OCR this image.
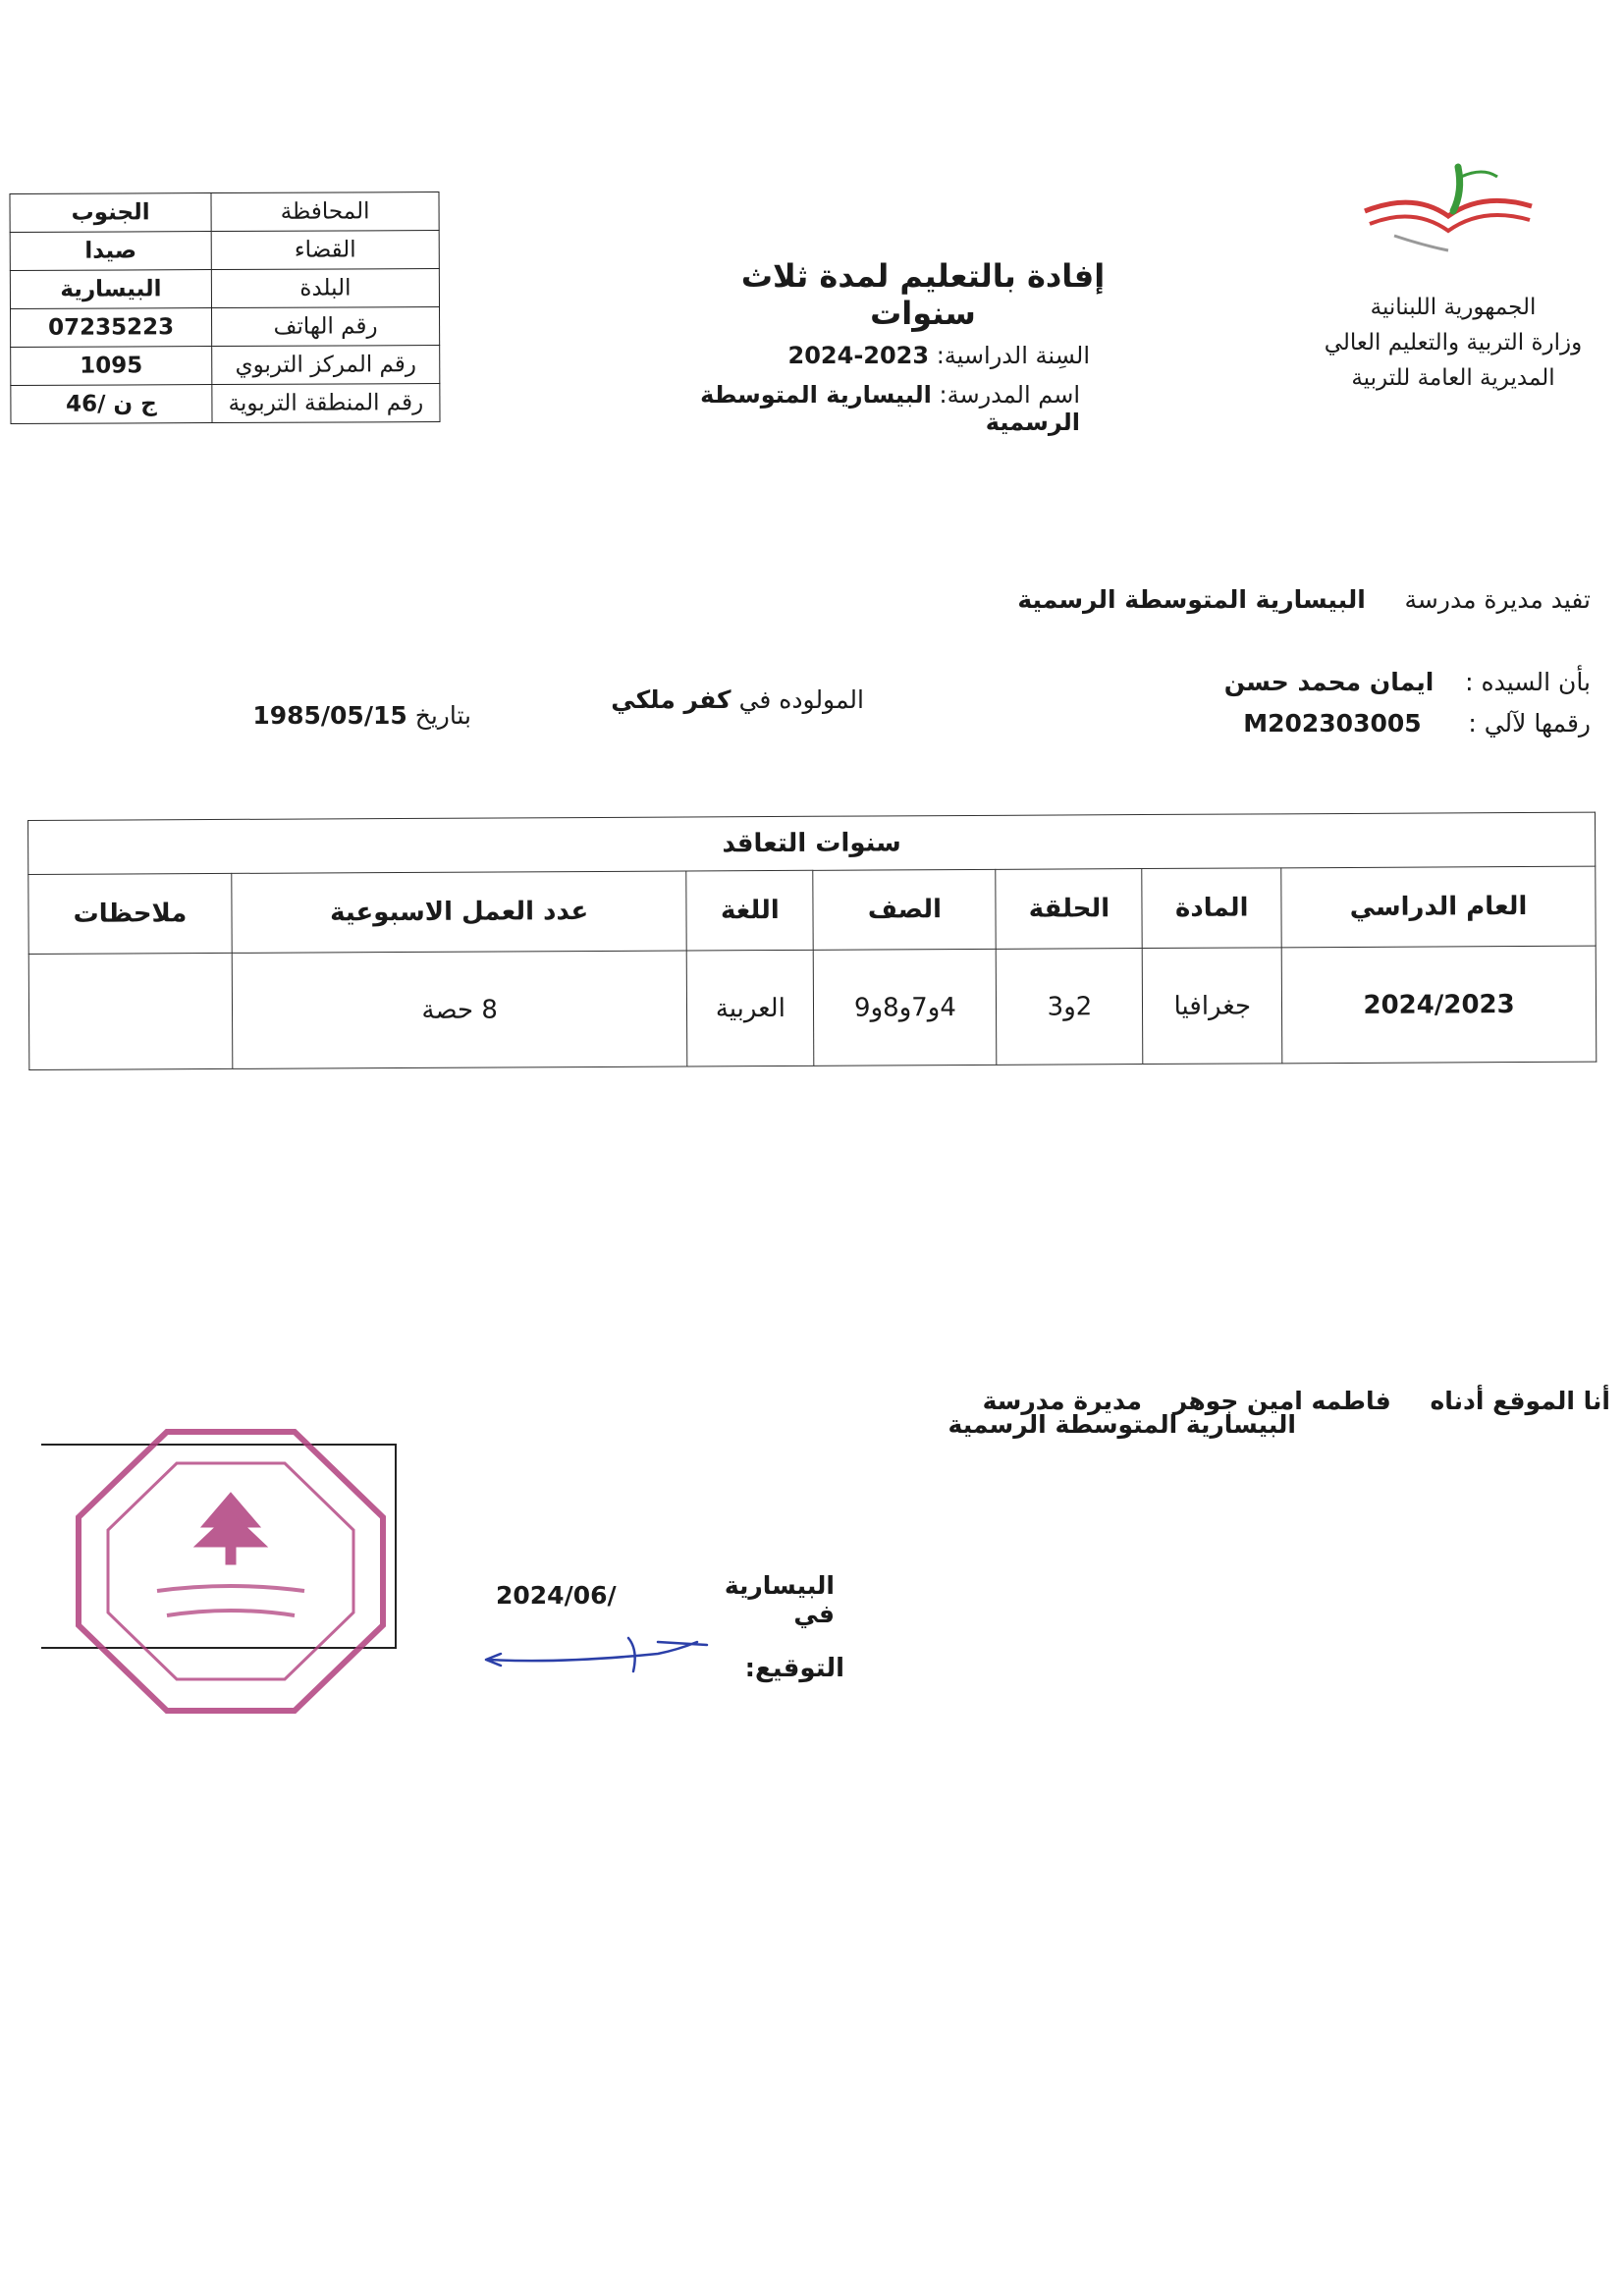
الجمهورية اللبنانية
وزارة التربية والتعليم العالي
المديرية العامة للتربية
إفادة بالتعليم لمدة ثلاث سنوات
السِنة الدراسية: 2023-2024
اسم المدرسة: البيسارية المتوسطة الرسمية
الجنوب	المحافظة
صيدا	القضاء
البيسارية	البلدة
07235223	رقم الهاتف
1095	رقم المركز التربوي
ج ن /46	رقم المنطقة التربوية
تفيد مديرة مدرسة     البيسارية المتوسطة الرسمية
بأن السيده :    ايمان محمد حسن
رقمها لآلي :      M202303005
المولوده في كفر ملكي
بتاريخ 1985/05/15
سنوات التعاقد						
العام الدراسي	المادة	الحلقة	الصف	اللغة	عدد العمل الاسبوعية	ملاحظات
2024/2023	جغرافيا	2و3	4و7و8و9	العربية	8 حصة	
أنا الموقع أدناه     فاطمه امين جوهر    مديرة مدرسة
البيسارية المتوسطة الرسمية
البيسارية   في
2024/06/
التوقيع:
